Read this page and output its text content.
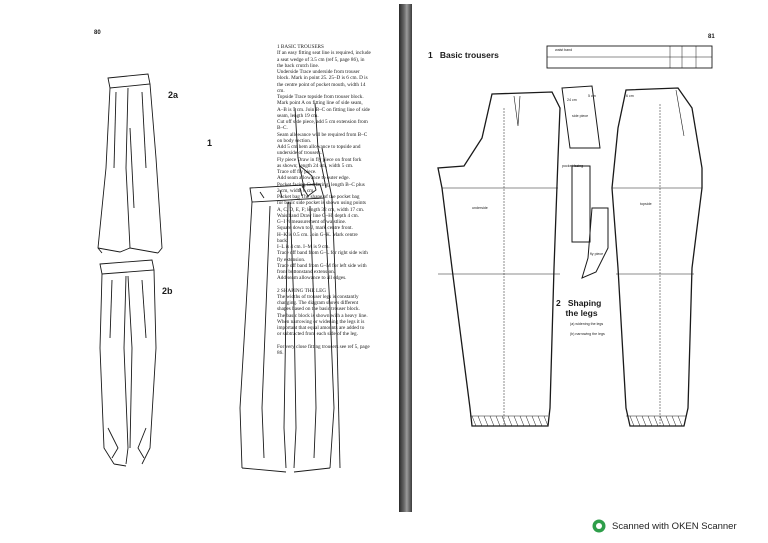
80
2a
2b
1

1 BASIC TROUSERS

If an easy fitting seat line is required, include

a seat wedge of 3.5 cm (ref 5, page 86), in

the back crutch line.

Underside Trace underside from trouser

block. Mark in point 25. 25–D is 6 cm. D is

the centre point of pocket mouth, width 14

cm.

Topside Trace topside from trouser block.

Mark point A on fitting line of side seam,

A–B is 5 cm. Join B–C on fitting line of side

seam, length 19 cm.

Cut off side piece, add 5 cm extension from

B–C.

Seam allowance will be required from B–C

on body section.

Add 5 cm hem allowance to topside and

underside of trousers.

Fly piece Draw in fly piece on front fork

as shown; length 24 cm, width 5 cm.

Trace off fly piece.

Add seam allowance to outer edge.

Pocket facing Cut facing, length B–C plus

2 cm, width 6 cm.

Pocket bag The shape of the pocket bag

for basic side pocket is shown using points

A, C, D, E, F; length 32 cm, width 17 cm.

Waistband Draw line G–H, depth 4 cm.

G–I ½ measurement of waistline.

Square down to J, mark centre front.

H–K is 0.5 cm. Join G–K. Mark centre

back.

I–L is 4 cm. I–M is 9 cm.

Trace off band from G–L for right side with

fly extension.

Trace off band from G–M for left side with

front buttonstand extension.

Add seam allowance to all edges.

2 SHAPING THE LEG

The widths of trouser legs is constantly

changing. The diagram shows different

shapes based on the basic trouser block.

The basic block is shown with a heavy line.

When narrowing or widening the legs it is

important that equal amounts are added to

or subtracted from each side of the leg.

For very close fitting trousers see ref 5, page

86.

81
1 Basic trousers	waist band
pocket facing
fly piece
side piece
underside
topside
5 cm
24 cm
6 cm
2 Shaping
the legs
(a) widening the legs
(b) narrowing the legs
Scanned with OKEN Scanner
